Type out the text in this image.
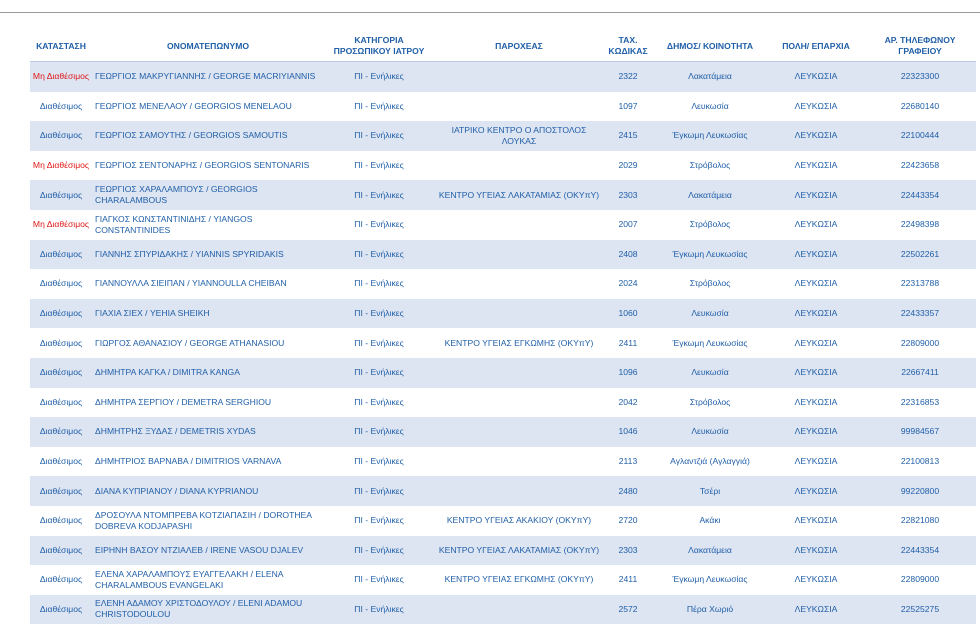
ΚΑΤΑΣΤΑΣΗ	ΟΝΟΜΑΤΕΠΩΝΥΜΟ	ΚΑΤΗΓΟΡΙΑ ΠΡΟΣΩΠΙΚΟΥ ΙΑΤΡΟΥ	ΠΑΡΟΧΕΑΣ	ΤΑΧ. ΚΩΔΙΚΑΣ	ΔΗΜΟΣ/ ΚΟΙΝΟΤΗΤΑ	ΠΟΛΗ/ ΕΠΑΡΧΙΑ	ΑΡ. ΤΗΛΕΦΩΝΟΥ ΓΡΑΦΕΙΟΥ
Μη Διαθέσιμος	ΓΕΩΡΓΙΟΣ ΜΑΚΡΥΓΙΑΝΝΗΣ / GEORGE MACRIYIANNIS	ΠΙ - Ενήλικες		2322	Λακατάμεια	ΛΕΥΚΩΣΙΑ	22323300
Διαθέσιμος	ΓΕΩΡΓΙΟΣ ΜΕΝΕΛΑΟΥ / GEORGIOS MENELAOU	ΠΙ - Ενήλικες		1097	Λευκωσία	ΛΕΥΚΩΣΙΑ	22680140
Διαθέσιμος	ΓΕΩΡΓΙΟΣ ΣΑΜΟΥΤΗΣ / GEORGIOS SAMOUTIS	ΠΙ - Ενήλικες	ΙΑΤΡΙΚΟ ΚΕΝΤΡΟ Ο ΑΠΟΣΤΟΛΟΣ ΛΟΥΚΑΣ	2415	Έγκωμη Λευκωσίας	ΛΕΥΚΩΣΙΑ	22100444
Μη Διαθέσιμος	ΓΕΩΡΓΙΟΣ ΣΕΝΤΟΝΑΡΗΣ / GEORGIOS SENTONARIS	ΠΙ - Ενήλικες		2029	Στρόβολος	ΛΕΥΚΩΣΙΑ	22423658
Διαθέσιμος	ΓΕΩΡΓΙΟΣ ΧΑΡΑΛΑΜΠΟΥΣ / GEORGIOS CHARALAMBOUS	ΠΙ - Ενήλικες	ΚΕΝΤΡΟ ΥΓΕΙΑΣ ΛΑΚΑΤΑΜΙΑΣ (ΟΚΥπΥ)	2303	Λακατάμεια	ΛΕΥΚΩΣΙΑ	22443354
Μη Διαθέσιμος	ΓΙΑΓΚΟΣ ΚΩΝΣΤΑΝΤΙΝΙΔΗΣ / YIANGOS CONSTANTINIDES	ΠΙ - Ενήλικες		2007	Στρόβολος	ΛΕΥΚΩΣΙΑ	22498398
Διαθέσιμος	ΓΙΑΝΝΗΣ ΣΠΥΡΙΔΑΚΗΣ / YIANNIS SPYRIDAKIS	ΠΙ - Ενήλικες		2408	Έγκωμη Λευκωσίας	ΛΕΥΚΩΣΙΑ	22502261
Διαθέσιμος	ΓΙΑΝΝΟΥΛΛΑ ΣΙΕΙΠΑΝ / YIANNOULLA CHEIBAN	ΠΙ - Ενήλικες		2024	Στρόβολος	ΛΕΥΚΩΣΙΑ	22313788
Διαθέσιμος	ΓΙΑΧΙΑ ΣΙΕΧ / YEHIA SHEIKH	ΠΙ - Ενήλικες		1060	Λευκωσία	ΛΕΥΚΩΣΙΑ	22433357
Διαθέσιμος	ΓΙΩΡΓΟΣ ΑΘΑΝΑΣΙΟΥ / GEORGE ATHANASIOU	ΠΙ - Ενήλικες	ΚΕΝΤΡΟ ΥΓΕΙΑΣ ΕΓΚΩΜΗΣ (ΟΚΥπΥ)	2411	Έγκωμη Λευκωσίας	ΛΕΥΚΩΣΙΑ	22809000
Διαθέσιμος	ΔΗΜΗΤΡΑ ΚΑΓΚΑ / DIMITRA KANGA	ΠΙ - Ενήλικες		1096	Λευκωσία	ΛΕΥΚΩΣΙΑ	22667411
Διαθέσιμος	ΔΗΜΗΤΡΑ ΣΕΡΓΙΟΥ / DEMETRA SERGHIOU	ΠΙ - Ενήλικες		2042	Στρόβολος	ΛΕΥΚΩΣΙΑ	22316853
Διαθέσιμος	ΔΗΜΗΤΡΗΣ ΞΥΔΑΣ / DEMETRIS XYDAS	ΠΙ - Ενήλικες		1046	Λευκωσία	ΛΕΥΚΩΣΙΑ	99984567
Διαθέσιμος	ΔΗΜΗΤΡΙΟΣ ΒΑΡΝΑΒΑ / DIMITRIOS VARNAVA	ΠΙ - Ενήλικες		2113	Αγλαντζιά (Αγλαγγιά)	ΛΕΥΚΩΣΙΑ	22100813
Διαθέσιμος	ΔΙΑΝΑ ΚΥΠΡΙΑΝΟΥ / DIANA KYPRIANOU	ΠΙ - Ενήλικες		2480	Τσέρι	ΛΕΥΚΩΣΙΑ	99220800
Διαθέσιμος	ΔΡΟΣΟΥΛΑ ΝΤΟΜΠΡΕΒΑ ΚΟΤΖΙΑΠΑΣΙΗ / DOROTHEA DOBREVA KODJAPASHI	ΠΙ - Ενήλικες	ΚΕΝΤΡΟ ΥΓΕΙΑΣ ΑΚΑΚΙΟΥ (ΟΚΥπΥ)	2720	Ακάκι	ΛΕΥΚΩΣΙΑ	22821080
Διαθέσιμος	ΕΙΡΗΝΗ ΒΑΣΟΥ ΝΤΖΙΑΛΕΒ / IRENE VASOU DJALEV	ΠΙ - Ενήλικες	ΚΕΝΤΡΟ ΥΓΕΙΑΣ ΛΑΚΑΤΑΜΙΑΣ (ΟΚΥπΥ)	2303	Λακατάμεια	ΛΕΥΚΩΣΙΑ	22443354
Διαθέσιμος	ΕΛΕΝΑ ΧΑΡΑΛΑΜΠΟΥΣ ΕΥΑΓΓΕΛΑΚΗ / ELENA CHARALAMBOUS EVANGELAKI	ΠΙ - Ενήλικες	ΚΕΝΤΡΟ ΥΓΕΙΑΣ ΕΓΚΩΜΗΣ (ΟΚΥπΥ)	2411	Έγκωμη Λευκωσίας	ΛΕΥΚΩΣΙΑ	22809000
Διαθέσιμος	ΕΛΕΝΗ ΑΔΑΜΟΥ ΧΡΙΣΤΟΔΟΥΛΟΥ / ELENI ADAMOU CHRISTODOULOU	ΠΙ - Ενήλικες		2572	Πέρα Χωριό	ΛΕΥΚΩΣΙΑ	22525275
